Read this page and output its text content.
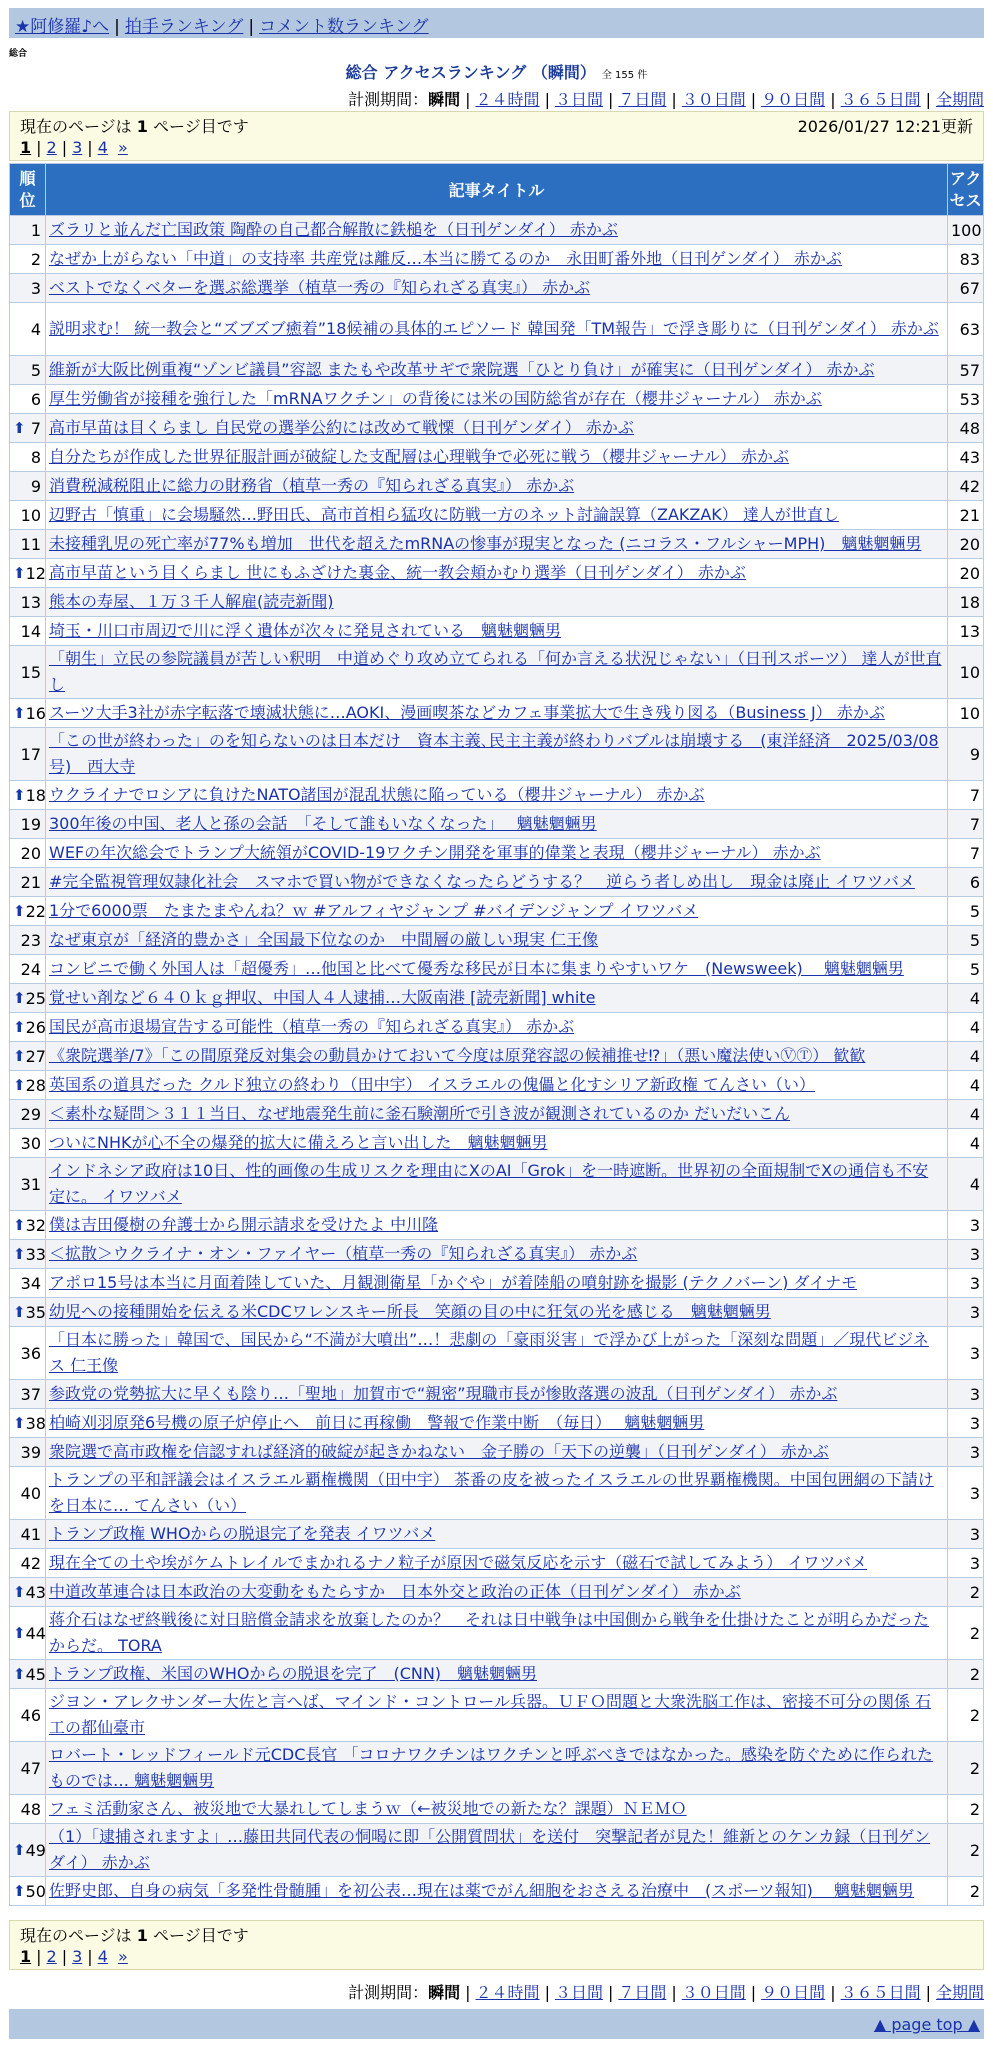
★阿修羅♪へ | 拍手ランキング | コメント数ランキング
総合
総合 アクセスランキング （瞬間） 全 155 件
計測期間：瞬間 | ２４時間 | ３日間 | ７日間 | ３０日間 | ９０日間 | ３６５日間 | 全期間
現在のページは 1 ページ目です	2026/01/27 12:21更新
1 | 2 | 3 | 4
»
順位	記事タイトル	アクセス
1	ズラリと並んだ亡国政策 陶酔の自己都合解散に鉄槌を（日刊ゲンダイ） 赤かぶ	100
2	なぜか上がらない「中道」の支持率 共産党は離反…本当に勝てるのか　永田町番外地（日刊ゲンダイ） 赤かぶ	83
3	ベストでなくベターを選ぶ総選挙（植草一秀の『知られざる真実』） 赤かぶ	67
4	説明求む！ 統一教会と“ズブズブ癒着”18候補の具体的エピソード 韓国発「TM報告」で浮き彫りに（日刊ゲンダイ） 赤かぶ	63
5	維新が大阪比例重複“ゾンビ議員”容認 またもや改革サギで衆院選「ひとり負け」が確実に（日刊ゲンダイ） 赤かぶ	57
6	厚生労働省が接種を強行した「mRNAワクチン」の背後には米の国防総省が存在（櫻井ジャーナル） 赤かぶ	53

⬆ 7	高市早苗は目くらまし 自民党の選挙公約には改めて戦慄（日刊ゲンダイ） 赤かぶ	48
8	自分たちが作成した世界征服計画が破綻した支配層は心理戦争で必死に戦う（櫻井ジャーナル） 赤かぶ	43
9	消費税減税阻止に総力の財務省（植草一秀の『知られざる真実』） 赤かぶ	42
10	辺野古「慎重」に会場騒然…野田氏、高市首相ら猛攻に防戦一方のネット討論誤算（ZAKZAK） 達人が世直し	21
11	未接種乳児の死亡率が77%も増加　世代を超えたmRNAの惨事が現実となった (ニコラス・フルシャーMPH)　魑魅魍魎男	20

⬆ 12	高市早苗という目くらまし 世にもふざけた裏金、統一教会頬かむり選挙（日刊ゲンダイ） 赤かぶ	20
13	熊本の寿屋、１万３千人解雇(読売新聞)	18
14	埼玉・川口市周辺で川に浮く遺体が次々に発見されている　魑魅魍魎男	13
15	「朝生」立民の参院議員が苦しい釈明　中道めぐり攻め立てられる「何か言える状況じゃない」（日刊スポーツ） 達人が世直し	10

⬆ 16	スーツ大手3社が赤字転落で壊滅状態に…AOKI、漫画喫茶などカフェ事業拡大で生き残り図る（Business J） 赤かぶ	10
17	「この世が終わった」のを知らないのは日本だけ　資本主義､民主主義が終わりバブルは崩壊する　(東洋経済　2025/03/08号)　西大寺	9

⬆ 18	ウクライナでロシアに負けたNATO諸国が混乱状態に陥っている（櫻井ジャーナル） 赤かぶ	7
19	300年後の中国、老人と孫の会話　「そして誰もいなくなった」　 魑魅魍魎男	7
20	WEFの年次総会でトランプ大統領がCOVID-19ワクチン開発を軍事的偉業と表現（櫻井ジャーナル） 赤かぶ	7
21	#完全監視管理奴隷化社会　スマホで買い物ができなくなったらどうする？　逆らう者しめ出し　現金は廃止 イワツバメ	6

⬆ 22	1分で6000票　たまたまやんね？ｗ #アルフィヤジャンプ #バイデンジャンプ イワツバメ	5
23	なぜ東京が「経済的豊かさ」全国最下位なのか　中間層の厳しい現実 仁王像	5
24	コンビニで働く外国人は「超優秀」…他国と比べて優秀な移民が日本に集まりやすいワケ　(Newsweek)　 魑魅魍魎男	5

⬆ 25	覚せい剤など６４０ｋｇ押収、中国人４人逮捕…大阪南港 [読売新聞] white	4

⬆ 26	国民が高市退場宣告する可能性（植草一秀の『知られざる真実』） 赤かぶ	4

⬆ 27	《衆院選挙/7》「この間原発反対集会の動員かけておいて今度は原発容認の候補推せ⁉」（悪い魔法使いⓋⓉ） 歓歓	4

⬆ 28	英国系の道具だった クルド独立の終わり（田中宇） イスラエルの傀儡と化すシリア新政権 てんさい（い）	4
29	＜素朴な疑問＞３１１当日、なぜ地震発生前に釜石験潮所で引き波が観測されているのか だいだいこん	4
30	ついにNHKが心不全の爆発的拡大に備えろと言い出した　魑魅魍魎男	4
31	インドネシア政府は10日、性的画像の生成リスクを理由にXのAI「Grok」を一時遮断。世界初の全面規制でXの通信も不安定に。 イワツバメ	4

⬆ 32	僕は吉田優樹の弁護士から開示請求を受けたよ 中川隆	3

⬆ 33	＜拡散＞ウクライナ・オン・ファイヤー（植草一秀の『知られざる真実』） 赤かぶ	3
34	アポロ15号は本当に月面着陸していた、月観測衛星「かぐや」が着陸船の噴射跡を撮影 (テクノバーン) ダイナモ	3

⬆ 35	幼児への接種開始を伝える米CDCワレンスキー所長　笑顔の目の中に狂気の光を感じる　魑魅魍魎男	3
36	「日本に勝った」韓国で、国民から“不満が大噴出”…！悲劇の「豪雨災害」で浮かび上がった「深刻な問題」／現代ビジネス 仁王像	3
37	参政党の党勢拡大に早くも陰り…「聖地」加賀市で“親密”現職市長が惨敗落選の波乱（日刊ゲンダイ） 赤かぶ	3

⬆ 38	柏崎刈羽原発6号機の原子炉停止へ　前日に再稼働　警報で作業中断　（毎日）　 魑魅魍魎男	3
39	衆院選で高市政権を信認すれば経済的破綻が起きかねない　金子勝の「天下の逆襲」（日刊ゲンダイ） 赤かぶ	3
40	トランプの平和評議会はイスラエル覇権機関（田中宇） 茶番の皮を被ったイスラエルの世界覇権機関。中国包囲網の下請けを日本に… てんさい（い）	3
41	トランプ政権 WHOからの脱退完了を発表 イワツバメ	3
42	現在全ての土や埃がケムトレイルでまかれるナノ粒子が原因で磁気反応を示す（磁石で試してみよう） イワツバメ	3

⬆ 43	中道改革連合は日本政治の大変動をもたらすか　日本外交と政治の正体（日刊ゲンダイ） 赤かぶ	2

⬆ 44	蒋介石はなぜ終戦後に対日賠償金請求を放棄したのか？　それは日中戦争は中国側から戦争を仕掛けたことが明らかだったからだ。 TORA	2

⬆ 45	トランプ政権、米国のWHOからの脱退を完了　(CNN)　魑魅魍魎男	2
46	ジヨン・アレクサンダー大佐と言へば、マインド・コントロール兵器。ＵＦＯ問題と大衆洗脳工作は、密接不可分の関係 石工の都仙臺市	2
47	ロバート・レッドフィールド元CDC長官 「コロナワクチンはワクチンと呼ぶべきではなかった。感染を防ぐために作られたものでは… 魑魅魍魎男	2
48	フェミ活動家さん、被災地で大暴れしてしまうｗ（←被災地での新たな？課題）ＮＥＭＯ	2

⬆ 49	（1）「逮捕されますよ」…藤田共同代表の恫喝に即「公開質問状」を送付　突撃記者が見た！維新とのケンカ録（日刊ゲンダイ） 赤かぶ	2

⬆ 50	佐野史郎、自身の病気「多発性骨髄腫」を初公表…現在は薬でがん細胞をおさえる治療中　(スポーツ報知)　 魑魅魍魎男	2
現在のページは 1 ページ目です
1 | 2 | 3 | 4
»
計測期間：瞬間 | ２４時間 | ３日間 | ７日間 | ３０日間 | ９０日間 | ３６５日間 | 全期間
▲ page top ▲
